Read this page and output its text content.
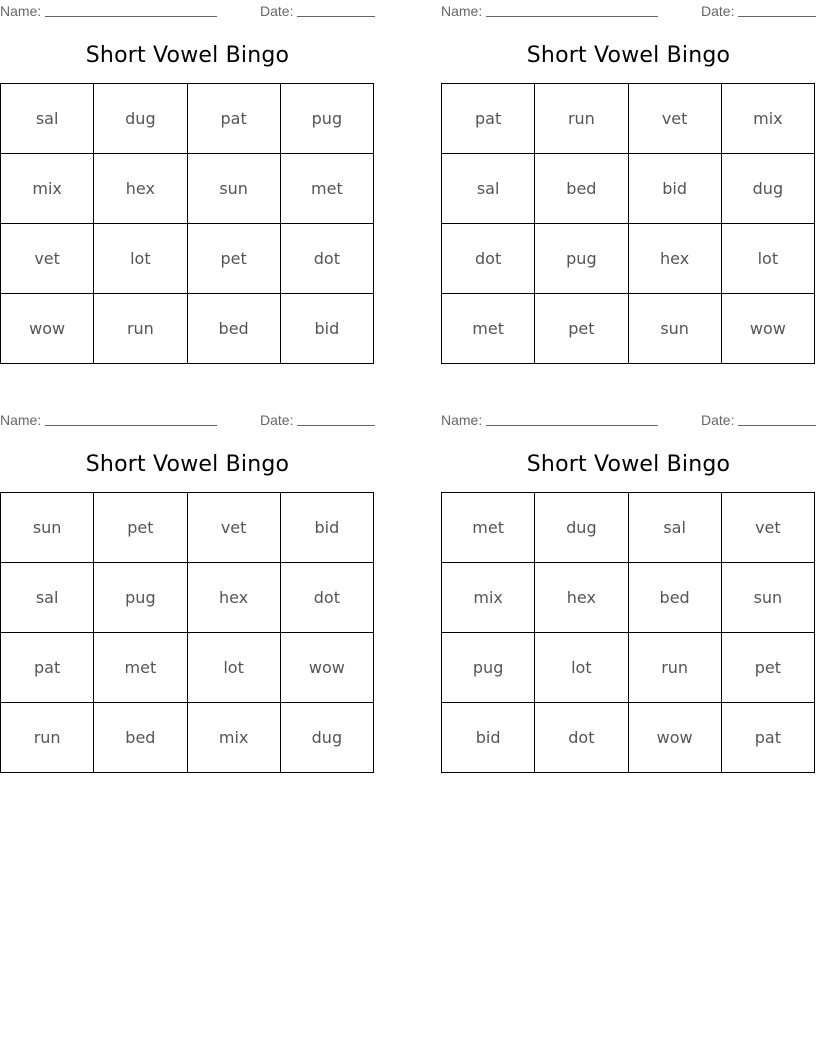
Name:	Date:
Short Vowel Bingo
sal	dug	pat	pug
mix	hex	sun	met
vet	lot	pet	dot
wow	run	bed	bid
Name:	Date:
Short Vowel Bingo
pat	run	vet	mix
sal	bed	bid	dug
dot	pug	hex	lot
met	pet	sun	wow
Name:	Date:
Short Vowel Bingo
sun	pet	vet	bid
sal	pug	hex	dot
pat	met	lot	wow
run	bed	mix	dug
Name:	Date:
Short Vowel Bingo
met	dug	sal	vet
mix	hex	bed	sun
pug	lot	run	pet
bid	dot	wow	pat
